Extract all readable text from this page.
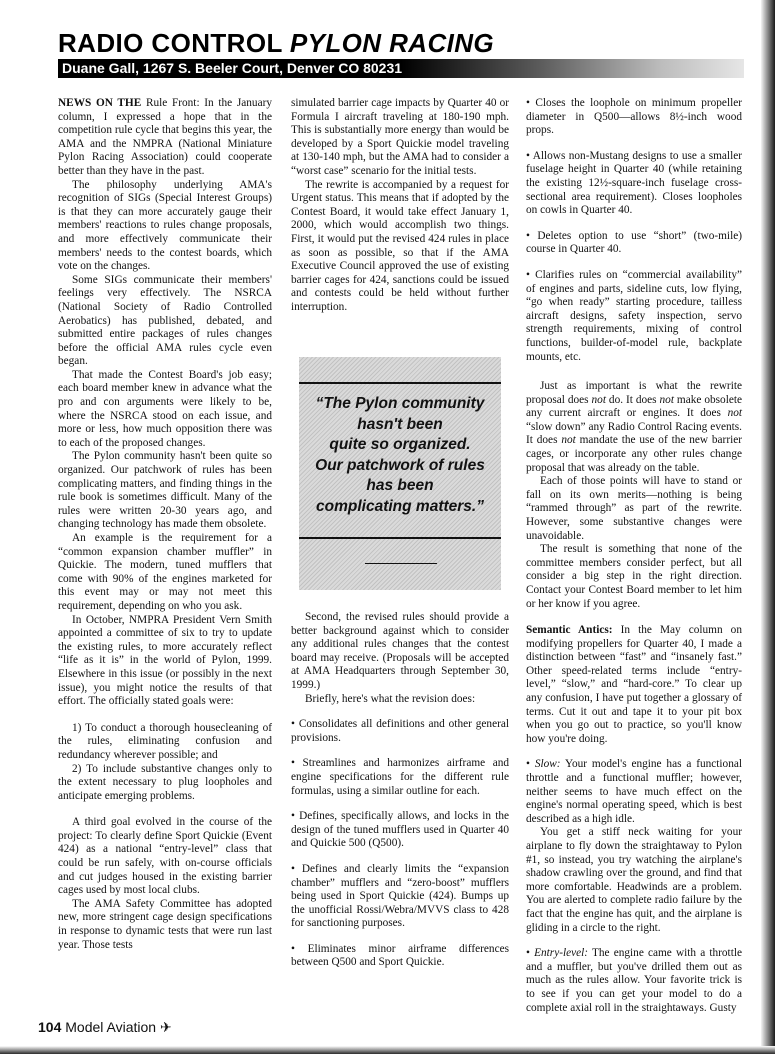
RADIO CONTROL PYLON RACING
Duane Gall, 1267 S. Beeler Court, Denver CO 80231

NEWS ON THE Rule Front: In the January column, I expressed a hope that in the competition rule cycle that begins this year, the AMA and the NMPRA (National Miniature Pylon Racing Association) could cooperate better than they have in the past.

The philosophy underlying AMA's recognition of SIGs (Special Interest Groups) is that they can more accurately gauge their members' reactions to rules change proposals, and more effectively communicate their members' needs to the contest boards, which vote on the changes.

Some SIGs communicate their members' feelings very effectively. The NSRCA (National Society of Radio Controlled Aerobatics) has published, debated, and submitted entire packages of rules changes before the official AMA rules cycle even began.

That made the Contest Board's job easy; each board member knew in advance what the pro and con arguments were likely to be, where the NSRCA stood on each issue, and more or less, how much opposition there was to each of the proposed changes.

The Pylon community hasn't been quite so organized. Our patchwork of rules has been complicating matters, and finding things in the rule book is sometimes difficult. Many of the rules were written 20-30 years ago, and changing technology has made them obsolete.

An example is the requirement for a “common expansion chamber muffler” in Quickie. The modern, tuned mufflers that come with 90% of the engines marketed for this event may or may not meet this requirement, depending on who you ask.

In October, NMPRA President Vern Smith appointed a committee of six to try to update the existing rules, to more accurately reflect “life as it is” in the world of Pylon, 1999. Elsewhere in this issue (or possibly in the next issue), you might notice the results of that effort. The officially stated goals were:

1) To conduct a thorough housecleaning of the rules, eliminating confusion and redundancy wherever possible; and

2) To include substantive changes only to the extent necessary to plug loopholes and anticipate emerging problems.

A third goal evolved in the course of the project: To clearly define Sport Quickie (Event 424) as a national “entry-level” class that could be run safely, with on-course officials and cut judges housed in the existing barrier cages used by most local clubs.

The AMA Safety Committee has adopted new, more stringent cage design specifications in response to dynamic tests that were run last year. Those tests

simulated barrier cage impacts by Quarter 40 or Formula I aircraft traveling at 180-190 mph. This is substantially more energy than would be developed by a Sport Quickie model traveling at 130-140 mph, but the AMA had to consider a “worst case” scenario for the initial tests.

The rewrite is accompanied by a request for Urgent status. This means that if adopted by the Contest Board, it would take effect January 1, 2000, which would accomplish two things. First, it would put the revised 424 rules in place as soon as possible, so that if the AMA Executive Council approved the use of existing barrier cages for 424, sanctions could be issued and contests could be held without further interruption.

“The Pylon community
hasn't been
quite so organized.
Our patchwork of rules
has been
complicating matters.”

Second, the revised rules should provide a better background against which to consider any additional rules changes that the contest board may receive. (Proposals will be accepted at AMA Headquarters through September 30, 1999.)

Briefly, here's what the revision does:

• Consolidates all definitions and other general provisions.

• Streamlines and harmonizes airframe and engine specifications for the different rule formulas, using a similar outline for each.

• Defines, specifically allows, and locks in the design of the tuned mufflers used in Quarter 40 and Quickie 500 (Q500).

• Defines and clearly limits the “expansion chamber” mufflers and “zero-boost” mufflers being used in Sport Quickie (424). Bumps up the unofficial Rossi/Webra/MVVS class to 428 for sanctioning purposes.

• Eliminates minor airframe differences between Q500 and Sport Quickie.

• Closes the loophole on minimum propeller diameter in Q500—allows 8½-inch wood props.

• Allows non-Mustang designs to use a smaller fuselage height in Quarter 40 (while retaining the existing 12½-square-inch fuselage cross-sectional area requirement). Closes loopholes on cowls in Quarter 40.

• Deletes option to use “short” (two-mile) course in Quarter 40.

• Clarifies rules on “commercial availability” of engines and parts, sideline cuts, low flying, “go when ready” starting procedure, tailless aircraft designs, safety inspection, servo strength requirements, mixing of control functions, builder-of-model rule, backplate mounts, etc.

Just as important is what the rewrite proposal does not do. It does not make obsolete any current aircraft or engines. It does not “slow down” any Radio Control Racing events. It does not mandate the use of the new barrier cages, or incorporate any other rules change proposal that was already on the table.

Each of those points will have to stand or fall on its own merits—nothing is being “rammed through” as part of the rewrite. However, some substantive changes were unavoidable.

The result is something that none of the committee members consider perfect, but all consider a big step in the right direction. Contact your Contest Board member to let him or her know if you agree.

Semantic Antics: In the May column on modifying propellers for Quarter 40, I made a distinction between “fast” and “insanely fast.” Other speed-related terms include “entry-level,” “slow,” and “hard-core.” To clear up any confusion, I have put together a glossary of terms. Cut it out and tape it to your pit box when you go out to practice, so you'll know how you're doing.

• Slow: Your model's engine has a functional throttle and a functional muffler; however, neither seems to have much effect on the engine's normal operating speed, which is best described as a high idle.

You get a stiff neck waiting for your airplane to fly down the straightaway to Pylon #1, so instead, you try watching the airplane's shadow crawling over the ground, and find that more comfortable. Headwinds are a problem. You are alerted to complete radio failure by the fact that the engine has quit, and the airplane is gliding in a circle to the right.

• Entry-level: The engine came with a throttle and a muffler, but you've drilled them out as much as the rules allow. Your favorite trick is to see if you can get your model to do a complete axial roll in the straightaways. Gusty

104 Model Aviation ✈
